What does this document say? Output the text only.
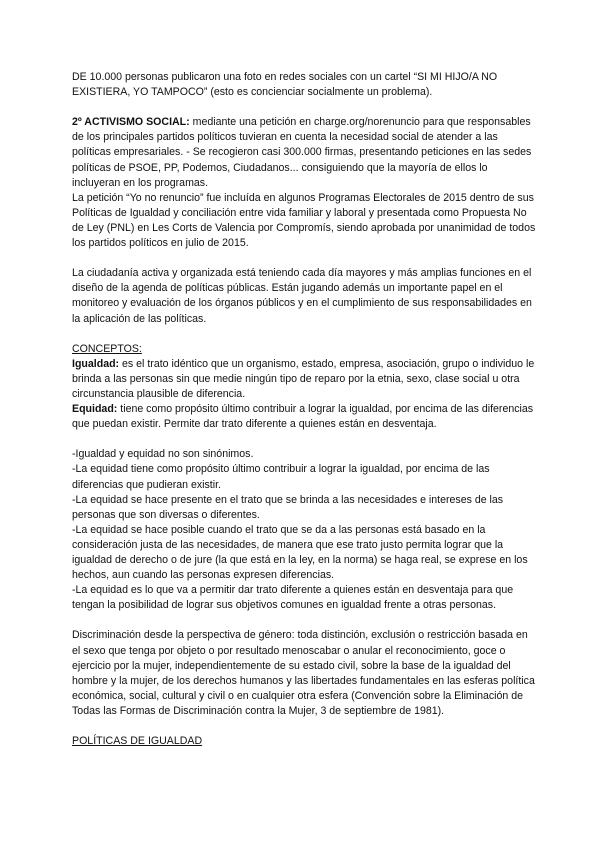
DE 10.000 personas publicaron una foto en redes sociales con un cartel “SI MI HIJO/A NO EXISTIERA, YO TAMPOCO” (esto es concienciar socialmente un problema).

2º ACTIVISMO SOCIAL: mediante una petición en charge.org/norenuncio para que responsables de los principales partidos políticos tuvieran en cuenta la necesidad social de atender a las políticas empresariales. - Se recogieron casi 300.000 firmas, presentando peticiones en las sedes políticas de PSOE, PP, Podemos, Ciudadanos... consiguiendo que la mayoría de ellos lo incluyeran en los programas.

La petición “Yo no renuncio” fue incluída en algunos Programas Electorales de 2015 dentro de sus Políticas de Igualdad y conciliación entre vida familiar y laboral y presentada como Propuesta No de Ley (PNL) en Les Corts de Valencia por Compromís, siendo aprobada por unanimidad de todos los partidos políticos en julio de 2015.

La ciudadanía activa y organizada está teniendo cada día mayores y más amplias funciones en el diseño de la agenda de políticas públicas. Están jugando además un importante papel en el monitoreo y evaluación de los órganos públicos y en el cumplimiento de sus responsabilidades en la aplicación de las políticas.

CONCEPTOS:

Igualdad: es el trato idéntico que un organismo, estado, empresa, asociación, grupo o individuo le brinda a las personas sin que medie ningún tipo de reparo por la etnia, sexo, clase social u otra circunstancia plausible de diferencia.

Equidad: tiene como propósito último contribuir a lograr la igualdad, por encima de las diferencias que puedan existir. Permite dar trato diferente a quienes están en desventaja.

-Igualdad y equidad no son sinónimos.

-La equidad tiene como propósito último contribuir a lograr la igualdad, por encima de las diferencias que pudieran existir.

-La equidad se hace presente en el trato que se brinda a las necesidades e intereses de las personas que son diversas o diferentes.

-La equidad se hace posible cuando el trato que se da a las personas está basado en la consideración justa de las necesidades, de manera que ese trato justo permita lograr que la igualdad de derecho o de jure (la que está en la ley, en la norma) se haga real, se exprese en los hechos, aun cuando las personas expresen diferencias.

-La equidad es lo que va a permitir dar trato diferente a quienes están en desventaja para que tengan la posibilidad de lograr sus objetivos comunes en igualdad frente a otras personas.

Discriminación desde la perspectiva de género: toda distinción, exclusión o restricción basada en el sexo que tenga por objeto o por resultado menoscabar o anular el reconocimiento, goce o ejercicio por la mujer, independientemente de su estado civil, sobre la base de la igualdad del hombre y la mujer, de los derechos humanos y las libertades fundamentales en las esferas política económica, social, cultural y civil o en cualquier otra esfera (Convención sobre la Eliminación de Todas las Formas de Discriminación contra la Mujer, 3 de septiembre de 1981).

POLÍTICAS DE IGUALDAD
